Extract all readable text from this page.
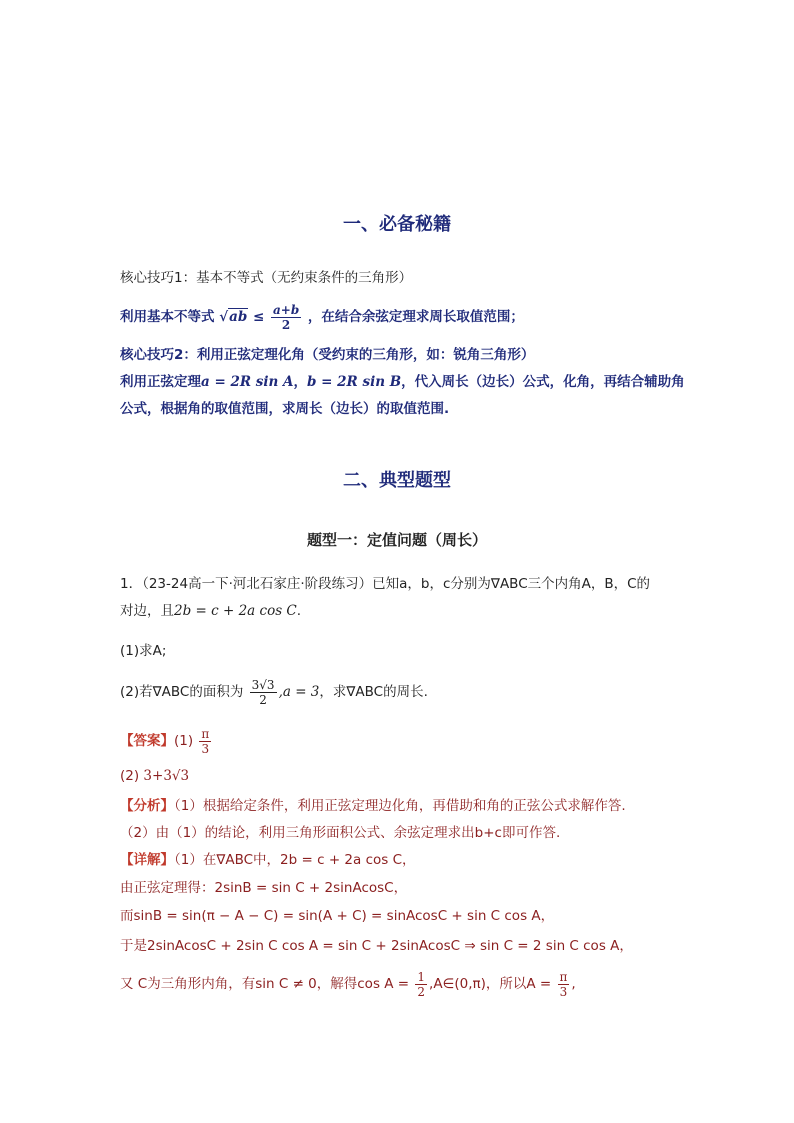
一、必备秘籍
核心技巧1：基本不等式（无约束条件的三角形）
利用基本不等式 $√ab \le \frac{a+b}{2}$ ，在结合余弦定理求周长取值范围；
核心技巧2：利用正弦定理化角（受约束的三角形，如：锐角三角形）
利用正弦定理a = 2R sin A，b = 2R sin B，代入周长（边长）公式，化角，再结合辅助角
公式，根据角的取值范围，求周长（边长）的取值范围.
二、典型题型
题型一：定值问题（周长）
1．（23-24高一下·河北石家庄·阶段练习）已知a，b，c分别为∇ABC三个内角A，B，C的
对边，且2b = c + 2a cos C.
(1)求A;
(2)若∇ABC的面积为 $\frac{3√3}{2} ,a = 3$，求∇ABC的周长.
【答案】$(1) \frac{\pi}{3}$
(2) 3+3√3
【分析】（1）根据给定条件，利用正弦定理边化角，再借助和角的正弦公式求解作答.
（2）由（1）的结论，利用三角形面积公式、余弦定理求出b+c即可作答.
【详解】（1）在∇ABC中，2b = c + 2a cos C，
由正弦定理得：2sinB = sin C + 2sinAcosC，
而sinB = sin(π − A − C) = sin(A + C) = sinAcosC + sin C cos A，
于是2sinAcosC + 2sin C cos A = sin C + 2sinAcosC ⇒ sin C = 2 sin C cos A，
又 C为三角形内角，有sin C ≠ 0，解得$\cos A = \frac{1}{2}$ ,A∈(0,π)，所以$A = \frac{\pi}{3}$ ,
